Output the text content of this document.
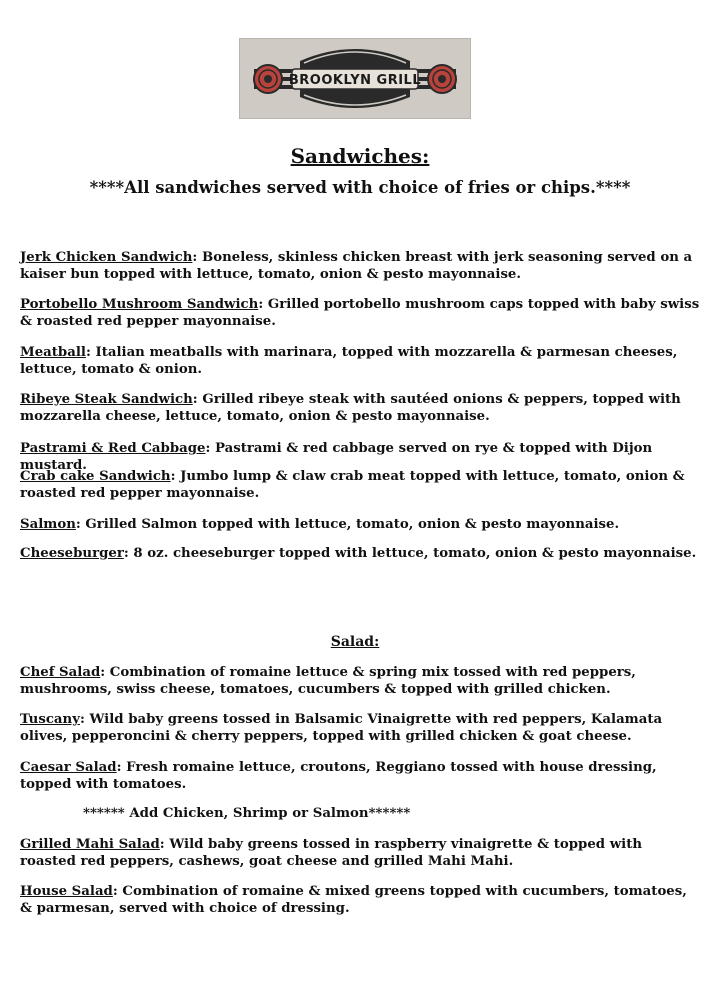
BROOKLYN GRILL
Sandwiches:
****All sandwiches served with choice of fries or chips.****
Jerk Chicken Sandwich: Boneless, skinless chicken breast with jerk seasoning served on a kaiser bun topped with lettuce, tomato, onion & pesto mayonnaise.
Portobello Mushroom Sandwich: Grilled portobello mushroom caps topped with baby swiss & roasted red pepper mayonnaise.
Meatball: Italian meatballs with marinara, topped with mozzarella & parmesan cheeses, lettuce, tomato & onion.
Ribeye Steak Sandwich: Grilled ribeye steak with sautéed onions & peppers, topped with mozzarella cheese, lettuce, tomato, onion & pesto mayonnaise.
Pastrami & Red Cabbage: Pastrami & red cabbage served on rye & topped with Dijon mustard.
Crab cake Sandwich: Jumbo lump & claw crab meat topped with lettuce, tomato, onion & roasted red pepper mayonnaise.
Salmon: Grilled Salmon topped with lettuce, tomato, onion & pesto mayonnaise.
Cheeseburger: 8 oz. cheeseburger topped with lettuce, tomato, onion & pesto mayonnaise.
Salad:
Chef Salad: Combination of romaine lettuce & spring mix tossed with red peppers, mushrooms, swiss cheese, tomatoes, cucumbers & topped with grilled chicken.
Tuscany: Wild baby greens tossed in Balsamic Vinaigrette with red peppers, Kalamata olives, pepperoncini & cherry peppers, topped with grilled chicken & goat cheese.
Caesar Salad: Fresh romaine lettuce, croutons, Reggiano tossed with house dressing, topped with tomatoes.
****** Add Chicken, Shrimp or Salmon******
Grilled Mahi Salad: Wild baby greens tossed in raspberry vinaigrette & topped with roasted red peppers, cashews, goat cheese and grilled Mahi Mahi.
House Salad: Combination of romaine & mixed greens topped with cucumbers, tomatoes, & parmesan, served with choice of dressing.
